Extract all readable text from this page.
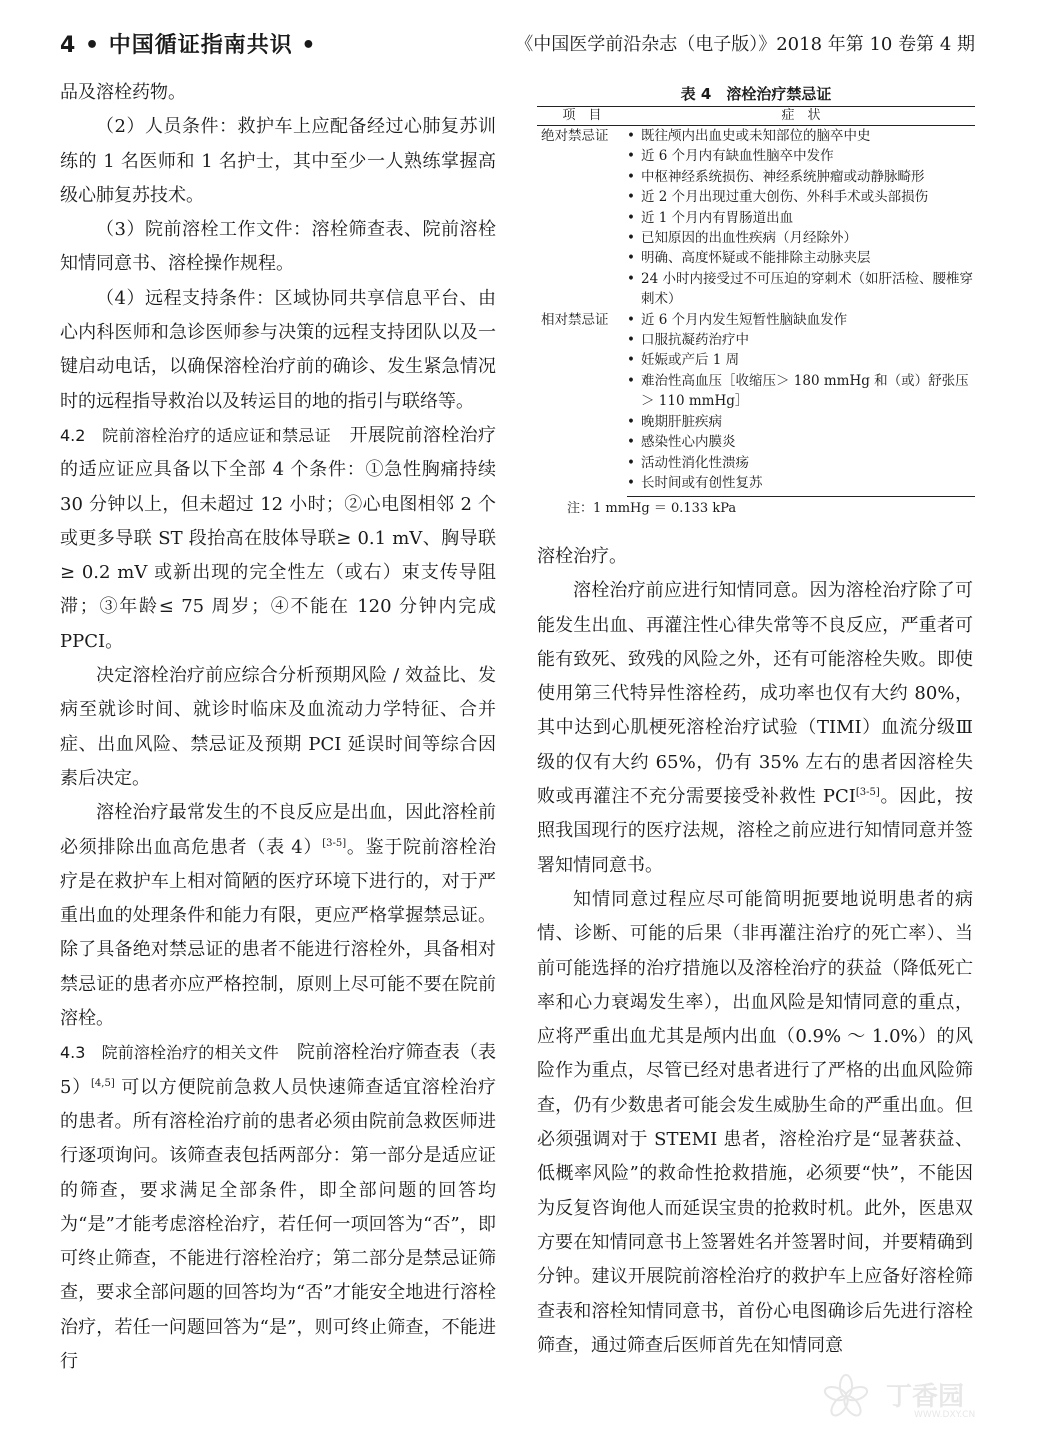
4 • 中国循证指南共识 •	《中国医学前沿杂志（电子版）》2018 年第 10 卷第 4 期

品及溶栓药物。

（2）人员条件：救护车上应配备经过心肺复苏训练的 1 名医师和 1 名护士，其中至少一人熟练掌握高级心肺复苏技术。

（3）院前溶栓工作文件：溶栓筛查表、院前溶栓知情同意书、溶栓操作规程。

（4）远程支持条件：区域协同共享信息平台、由心内科医师和急诊医师参与决策的远程支持团队以及一键启动电话，以确保溶栓治疗前的确诊、发生紧急情况时的远程指导救治以及转运目的地的指引与联络等。

4.2　院前溶栓治疗的适应证和禁忌证　开展院前溶栓治疗的适应证应具备以下全部 4 个条件：①急性胸痛持续 30 分钟以上，但未超过 12 小时；②心电图相邻 2 个或更多导联 ST 段抬高在肢体导联≥ 0.1 mV、胸导联≥ 0.2 mV 或新出现的完全性左（或右）束支传导阻滞；③年龄≤ 75 周岁；④不能在 120 分钟内完成 PPCI。

决定溶栓治疗前应综合分析预期风险 / 效益比、发病至就诊时间、就诊时临床及血流动力学特征、合并症、出血风险、禁忌证及预期 PCI 延误时间等综合因素后决定。

溶栓治疗最常发生的不良反应是出血，因此溶栓前必须排除出血高危患者（表 4）[3-5]。鉴于院前溶栓治疗是在救护车上相对简陋的医疗环境下进行的，对于严重出血的处理条件和能力有限，更应严格掌握禁忌证。除了具备绝对禁忌证的患者不能进行溶栓外，具备相对禁忌证的患者亦应严格控制，原则上尽可能不要在院前溶栓。

4.3　院前溶栓治疗的相关文件　院前溶栓治疗筛查表（表 5）[4,5] 可以方便院前急救人员快速筛查适宜溶栓治疗的患者。所有溶栓治疗前的患者必须由院前急救医师进行逐项询问。该筛查表包括两部分：第一部分是适应证的筛查，要求满足全部条件，即全部问题的回答均为“是”才能考虑溶栓治疗，若任何一项回答为“否”，即可终止筛查，不能进行溶栓治疗；第二部分是禁忌证筛查，要求全部问题的回答均为“否”才能安全地进行溶栓治疗，若任一问题回答为“是”，则可终止筛查，不能进行

表 4　溶栓治疗禁忌证
项　目	症　状
绝对禁忌证	• 既往颅内出血史或未知部位的脑卒中史
	• 近 6 个月内有缺血性脑卒中发作
	• 中枢神经系统损伤、神经系统肿瘤或动静脉畸形
	• 近 2 个月出现过重大创伤、外科手术或头部损伤
	• 近 1 个月内有胃肠道出血
	• 已知原因的出血性疾病（月经除外）
	• 明确、高度怀疑或不能排除主动脉夹层
	• 24 小时内接受过不可压迫的穿刺术（如肝活检、腰椎穿刺术）
相对禁忌证	• 近 6 个月内发生短暂性脑缺血发作
	• 口服抗凝药治疗中
	• 妊娠或产后 1 周
	• 难治性高血压［收缩压＞ 180 mmHg 和（或）舒张压＞ 110 mmHg］
	• 晚期肝脏疾病
	• 感染性心内膜炎
	• 活动性消化性溃疡
	• 长时间或有创性复苏
注：1 mmHg ＝ 0.133 kPa

溶栓治疗。

溶栓治疗前应进行知情同意。因为溶栓治疗除了可能发生出血、再灌注性心律失常等不良反应，严重者可能有致死、致残的风险之外，还有可能溶栓失败。即使使用第三代特异性溶栓药，成功率也仅有大约 80%，其中达到心肌梗死溶栓治疗试验（TIMI）血流分级Ⅲ级的仅有大约 65%，仍有 35% 左右的患者因溶栓失败或再灌注不充分需要接受补救性 PCI[3-5]。因此，按照我国现行的医疗法规，溶栓之前应进行知情同意并签署知情同意书。

知情同意过程应尽可能简明扼要地说明患者的病情、诊断、可能的后果（非再灌注治疗的死亡率）、当前可能选择的治疗措施以及溶栓治疗的获益（降低死亡率和心力衰竭发生率），出血风险是知情同意的重点，应将严重出血尤其是颅内出血（0.9% ～ 1.0%）的风险作为重点，尽管已经对患者进行了严格的出血风险筛查，仍有少数患者可能会发生威胁生命的严重出血。但必须强调对于 STEMI 患者，溶栓治疗是“显著获益、低概率风险”的救命性抢救措施，必须要“快”，不能因为反复咨询他人而延误宝贵的抢救时机。此外，医患双方要在知情同意书上签署姓名并签署时间，并要精确到分钟。建议开展院前溶栓治疗的救护车上应备好溶栓筛查表和溶栓知情同意书，首份心电图确诊后先进行溶栓筛查，通过筛查后医师首先在知情同意

丁香园
WWW.DXY.CN
